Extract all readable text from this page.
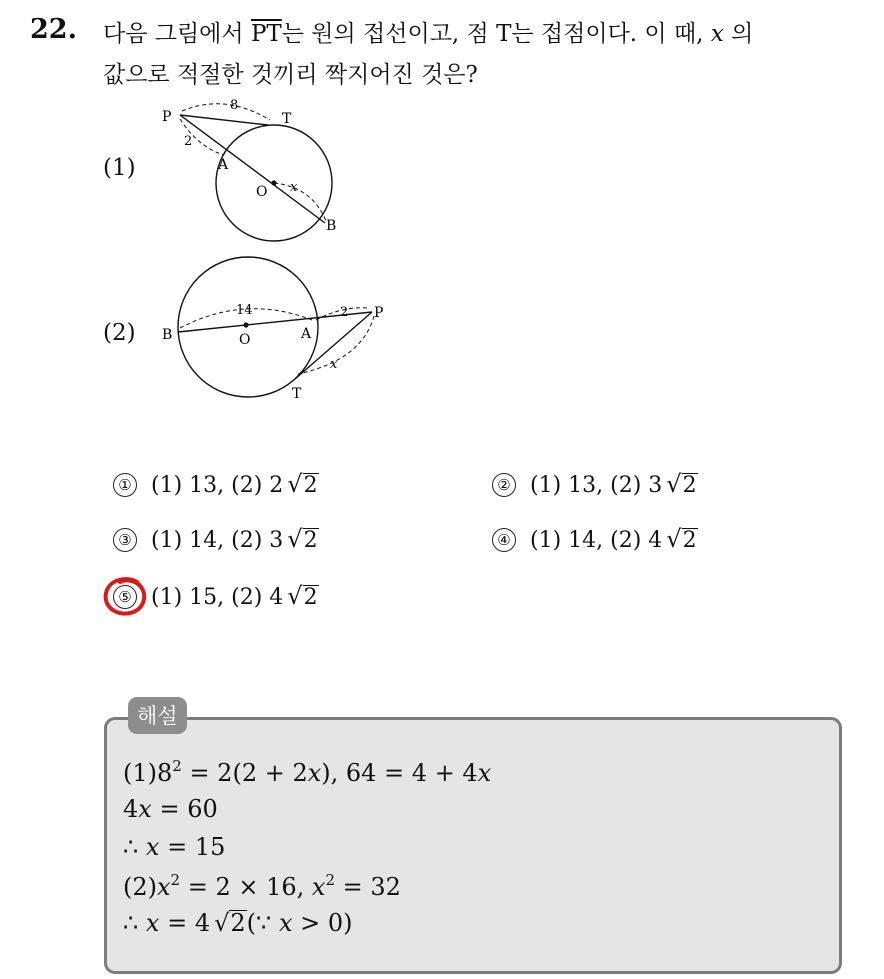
22. 다음 그림에서 $\overline{PT}$는 원의 접선이고, 점 T는 접점이다. 이 때, x 의
값으로 적절한 것끼리 짝지어진 것은?
(1)
P	T
A
O
B
8
2
x
(2) B	O	A
P
T
14	2
x
① (1) 13, (2) 2 √2	② (1) 13, (2) 3 √2
③ (1) 14, (2) 3 √2	④ (1) 14, (2) 4 √2
⑤ (1) 15, (2) 4 √2
해설
$(1)8^2 = 2(2 + 2x)$, 64 = 4 + 4x
4x = 60
∴ x = 15
$(2)x^2 = 2 \times 16$, $x^2 = 32$
∴ x = 4 √2(∵ x > 0)
